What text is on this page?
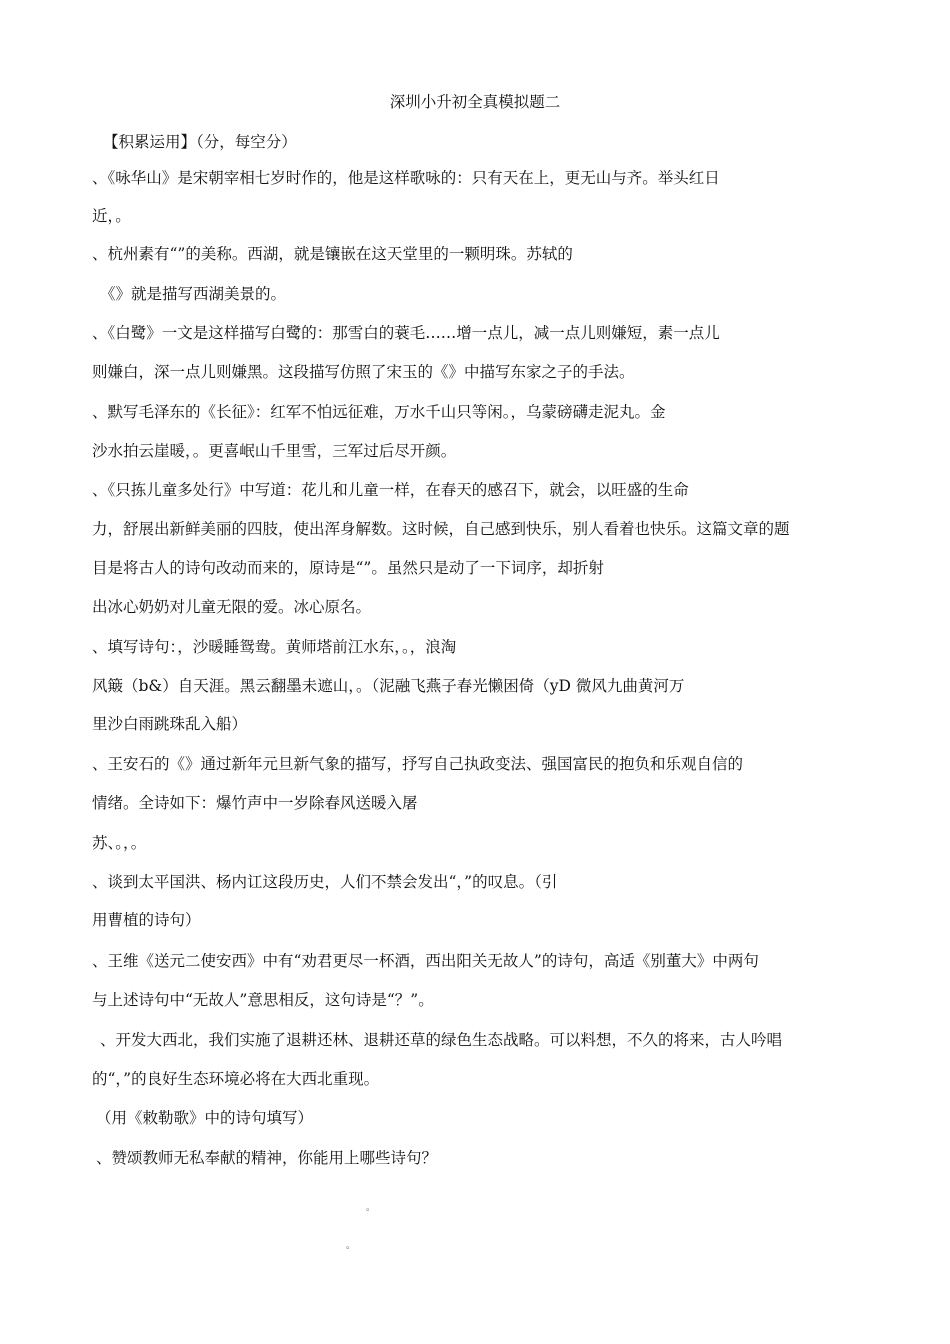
深圳小升初全真模拟题二
【积累运用】（分，每空分）
、《咏华山》是宋朝宰相七岁时作的，他是这样歌咏的：只有天在上，更无山与齐。举头红日
近，。
、杭州素有“”的美称。西湖，就是镶嵌在这天堂里的一颗明珠。苏轼的
《》就是描写西湖美景的。
、《白鹭》一文是这样描写白鹭的：那雪白的蓑毛……增一点儿，减一点儿则嫌短，素一点儿
则嫌白，深一点儿则嫌黑。这段描写仿照了宋玉的《》中描写东家之子的手法。
、默写毛泽东的《长征》：红军不怕远征难，万水千山只等闲。，乌蒙磅礴走泥丸。金
沙水拍云崖暖，。更喜岷山千里雪，三军过后尽开颜。
、《只拣儿童多处行》中写道：花儿和儿童一样，在春天的感召下，就会，以旺盛的生命
力，舒展出新鲜美丽的四肢，使出浑身解数。这时候，自己感到快乐，别人看着也快乐。这篇文章的题
目是将古人的诗句改动而来的，原诗是“”。虽然只是动了一下词序，却折射
出冰心奶奶对儿童无限的爱。冰心原名。
、填写诗句：，沙暖睡鸳鸯。黄师塔前江水东，。，浪淘
风簸（b&）自天涯。黑云翻墨未遮山，。（泥融飞燕子春光懒困倚（yD 微风九曲黄河万
里沙白雨跳珠乱入船）
、王安石的《》通过新年元旦新气象的描写，抒写自己执政变法、强国富民的抱负和乐观自信的
情绪。全诗如下：爆竹声中一岁除春风送暖入屠
苏、。，。
、谈到太平国洪、杨内讧这段历史，人们不禁会发出“，”的叹息。（引
用曹植的诗句）
、王维《送元二使安西》中有“劝君更尽一杯酒，西出阳关无故人”的诗句，高适《别董大》中两句
与上述诗句中“无故人”意思相反，这句诗是“？”。
、开发大西北，我们实施了退耕还林、退耕还草的绿色生态战略。可以料想，不久的将来，古人吟唱
的“，”的良好生态环境必将在大西北重现。
（用《敕勒歌》中的诗句填写）
、赞颂教师无私奉献的精神，你能用上哪些诗句？
。
。
